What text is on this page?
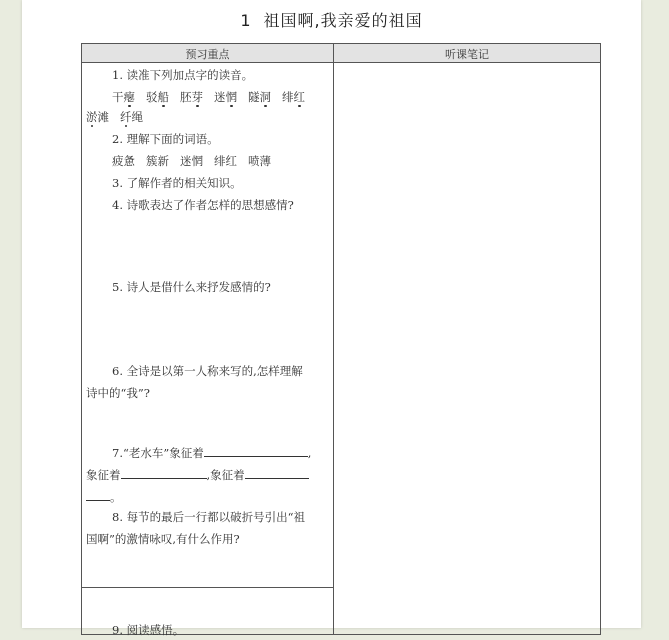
1 祖国啊,我亲爱的祖国
预习重点	听课笔记
1. 读准下列加点字的读音。
干瘪 驳船 胚芽 迷惘 隧洞 绯红
淤滩 纤绳
2. 理解下面的词语。
疲惫 簇新 迷惘 绯红 喷薄
3. 了解作者的相关知识。
4. 诗歌表达了作者怎样的思想感情?
5. 诗人是借什么来抒发感情的?
6. 全诗是以第一人称来写的,怎样理解
诗中的“我”?
7.“老水车”象征着	,
象征着	,象征着
。
8. 每节的最后一行都以破折号引出“祖
国啊”的激情咏叹,有什么作用?
9. 阅读感悟。
